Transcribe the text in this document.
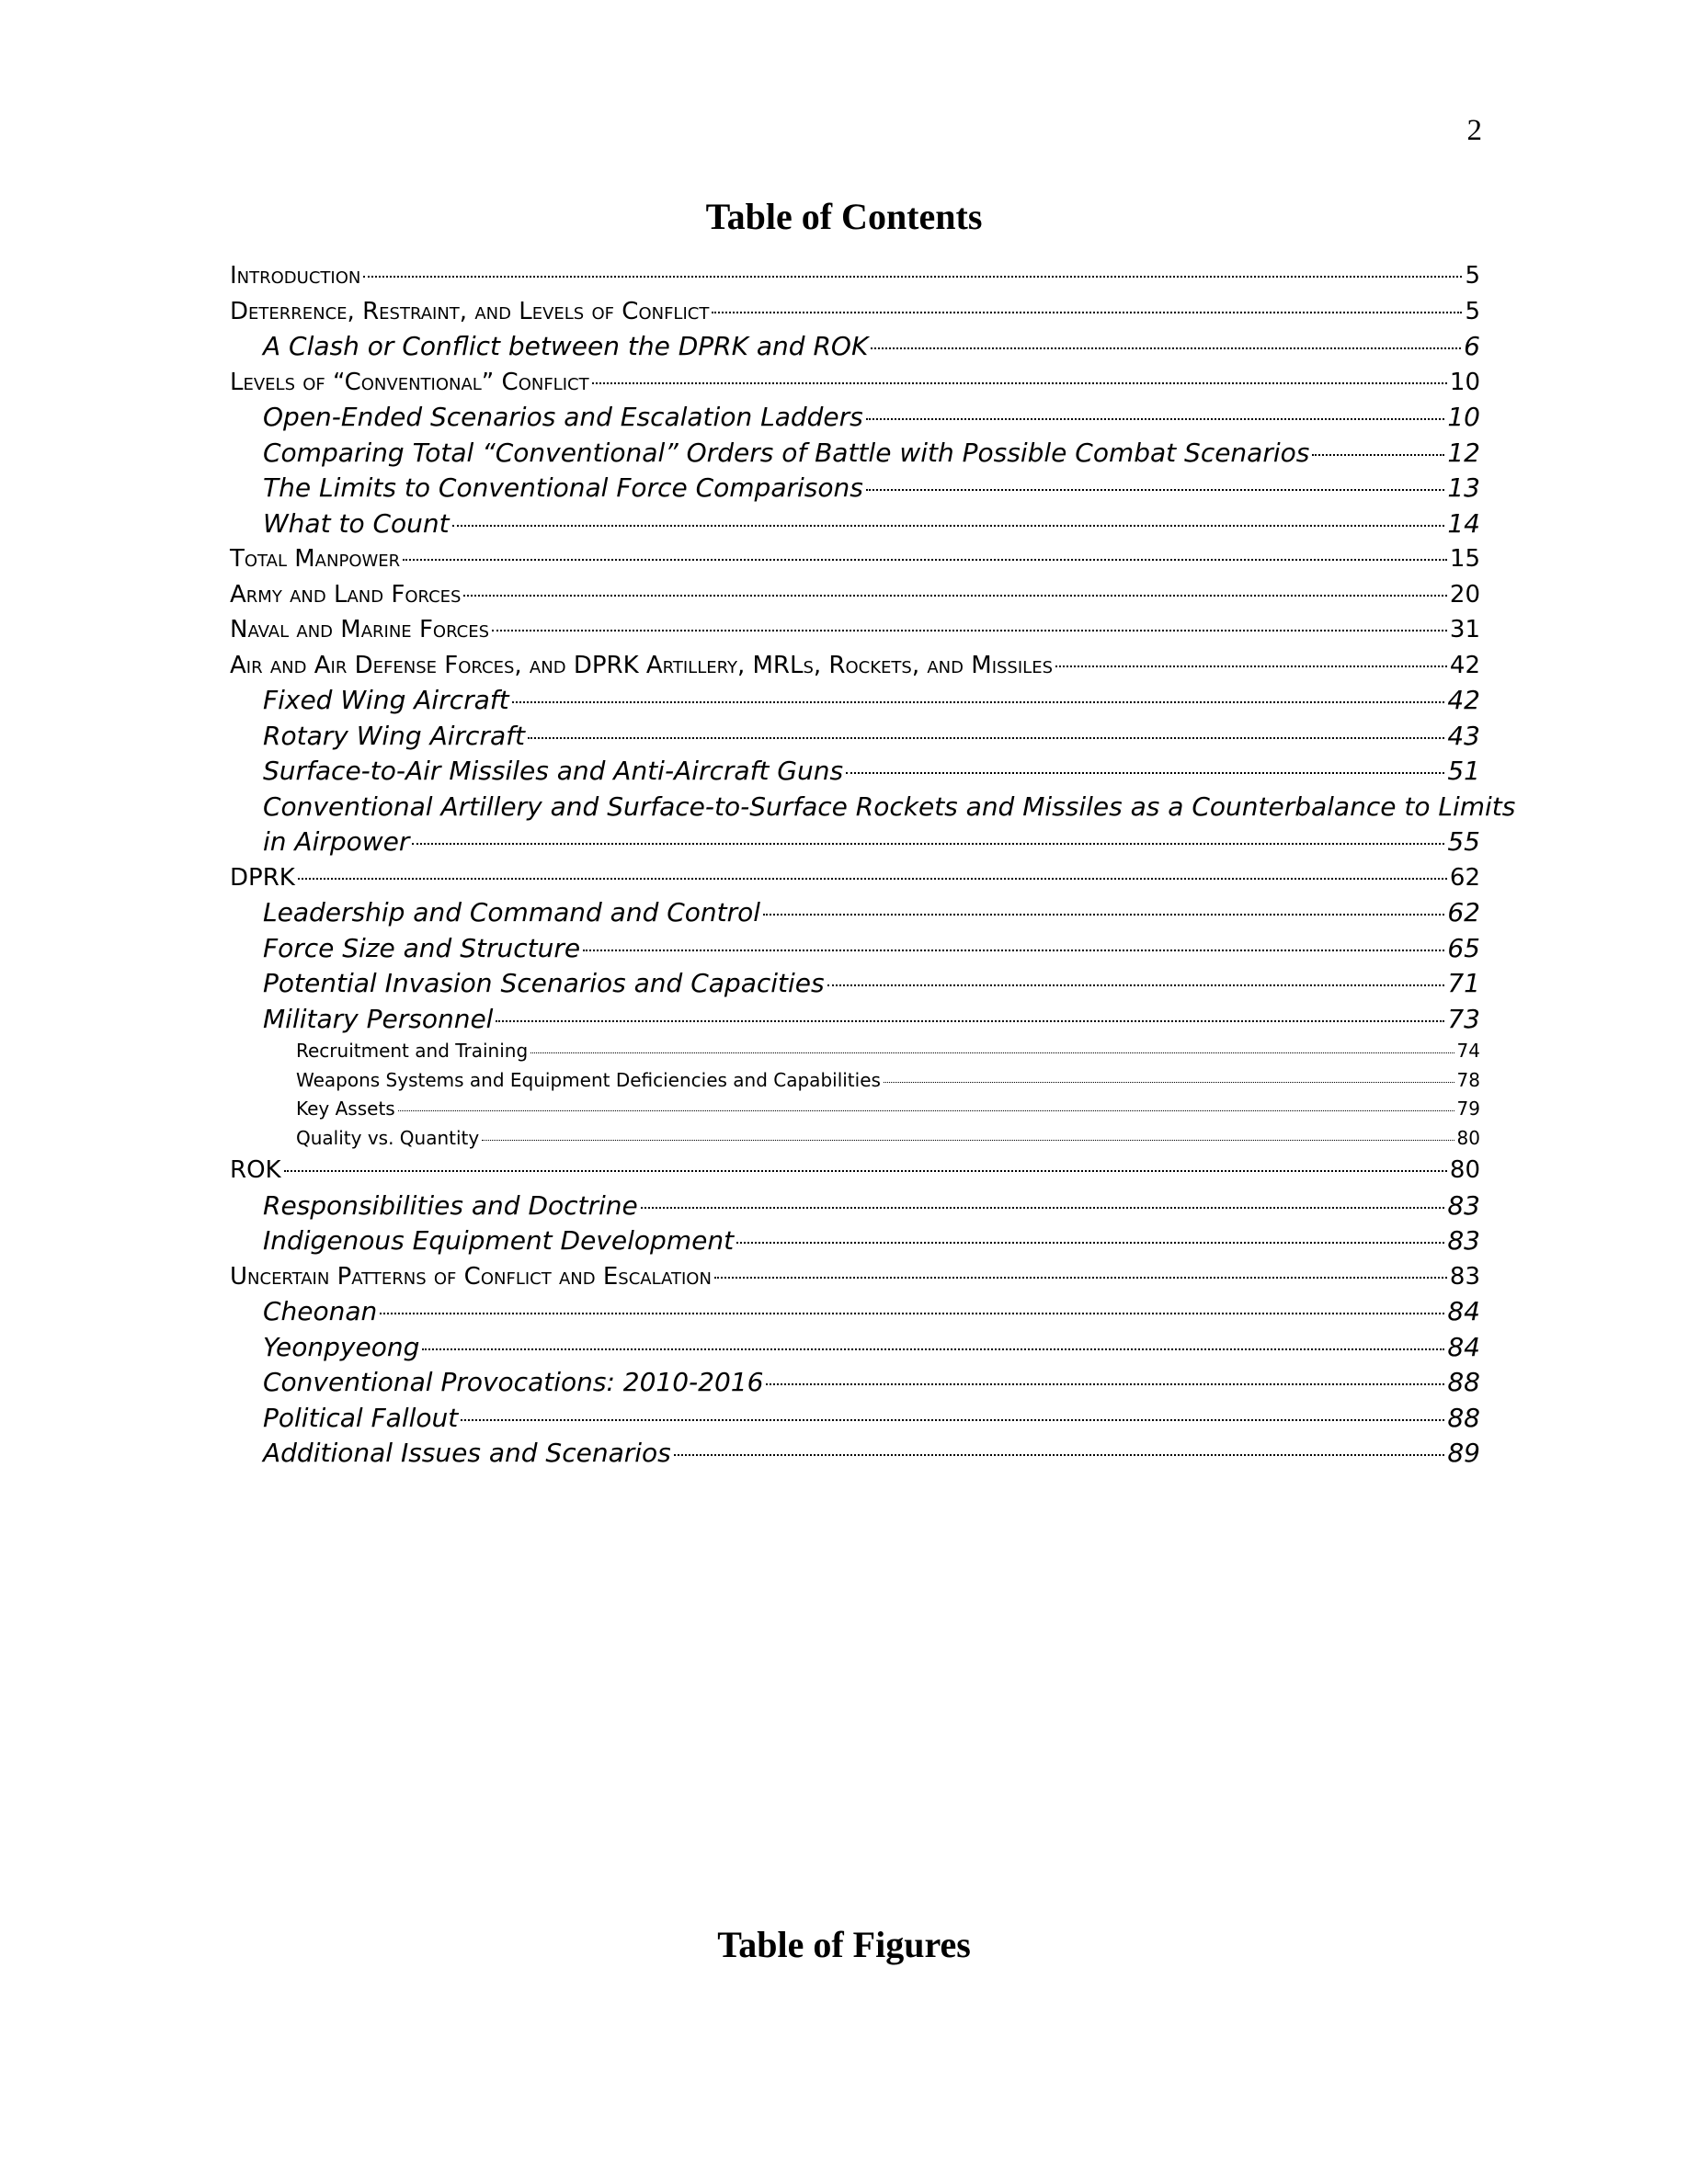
2
Table of Contents
Introduction	5
Deterrence, Restraint, and Levels of Conflict	5
A Clash or Conflict between the DPRK and ROK	6
Levels of “Conventional” Conflict	10
Open-Ended Scenarios and Escalation Ladders	10
Comparing Total “Conventional” Orders of Battle with Possible Combat Scenarios	12
The Limits to Conventional Force Comparisons	13
What to Count	14
Total Manpower	15
Army and Land Forces	20
Naval and Marine Forces	31
Air and Air Defense Forces, and DPRK Artillery, MRLs, Rockets, and Missiles	42
Fixed Wing Aircraft	42
Rotary Wing Aircraft	43
Surface-to-Air Missiles and Anti-Aircraft Guns	51
Conventional Artillery and Surface-to-Surface Rockets and Missiles as a Counterbalance to Limits
in Airpower	55
DPRK	62
Leadership and Command and Control	62
Force Size and Structure	65
Potential Invasion Scenarios and Capacities	71
Military Personnel	73
Recruitment and Training	74
Weapons Systems and Equipment Deficiencies and Capabilities	78
Key Assets	79
Quality vs. Quantity	80
ROK	80
Responsibilities and Doctrine	83
Indigenous Equipment Development	83
Uncertain Patterns of Conflict and Escalation	83
Cheonan	84
Yeonpyeong	84
Conventional Provocations: 2010-2016	88
Political Fallout	88
Additional Issues and Scenarios	89
Table of Figures
